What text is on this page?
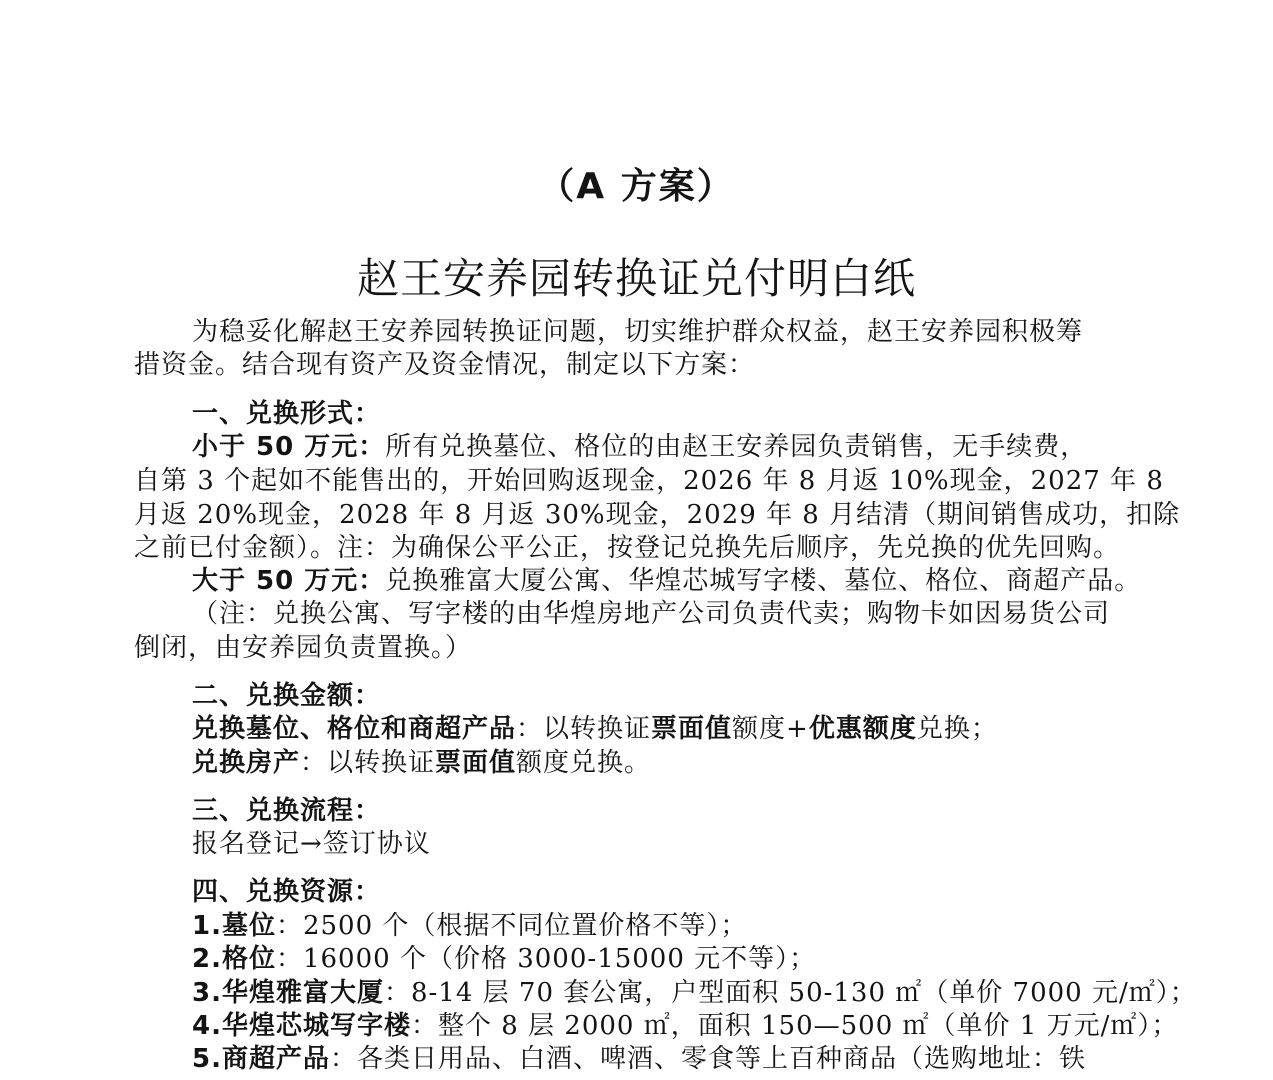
（A 方案）
赵王安养园转换证兑付明白纸
为稳妥化解赵王安养园转换证问题，切实维护群众权益，赵王安养园积极筹
措资金。结合现有资产及资金情况，制定以下方案：
一、兑换形式：
小于 50 万元：所有兑换墓位、格位的由赵王安养园负责销售，无手续费，
自第 3 个起如不能售出的，开始回购返现金，2026 年 8 月返 10%现金，2027 年 8
月返 20%现金，2028 年 8 月返 30%现金，2029 年 8 月结清（期间销售成功，扣除
之前已付金额）。注：为确保公平公正，按登记兑换先后顺序，先兑换的优先回购。
大于 50 万元：兑换雅富大厦公寓、华煌芯城写字楼、墓位、格位、商超产品。
（注：兑换公寓、写字楼的由华煌房地产公司负责代卖；购物卡如因易货公司
倒闭，由安养园负责置换。）
二、兑换金额：
兑换墓位、格位和商超产品：以转换证票面值额度+优惠额度兑换；
兑换房产：以转换证票面值额度兑换。
三、兑换流程：
报名登记→签订协议
四、兑换资源：
1.墓位：2500 个（根据不同位置价格不等）；
2.格位：16000 个（价格 3000-15000 元不等）；
3.华煌雅富大厦：8-14 层 70 套公寓，户型面积 50-130 ㎡（单价 7000 元/㎡）；
4.华煌芯城写字楼：整个 8 层 2000 ㎡，面积 150—500 ㎡（单价 1 万元/㎡）；
5.商超产品：各类日用品、白酒、啤酒、零食等上百种商品（选购地址：铁
